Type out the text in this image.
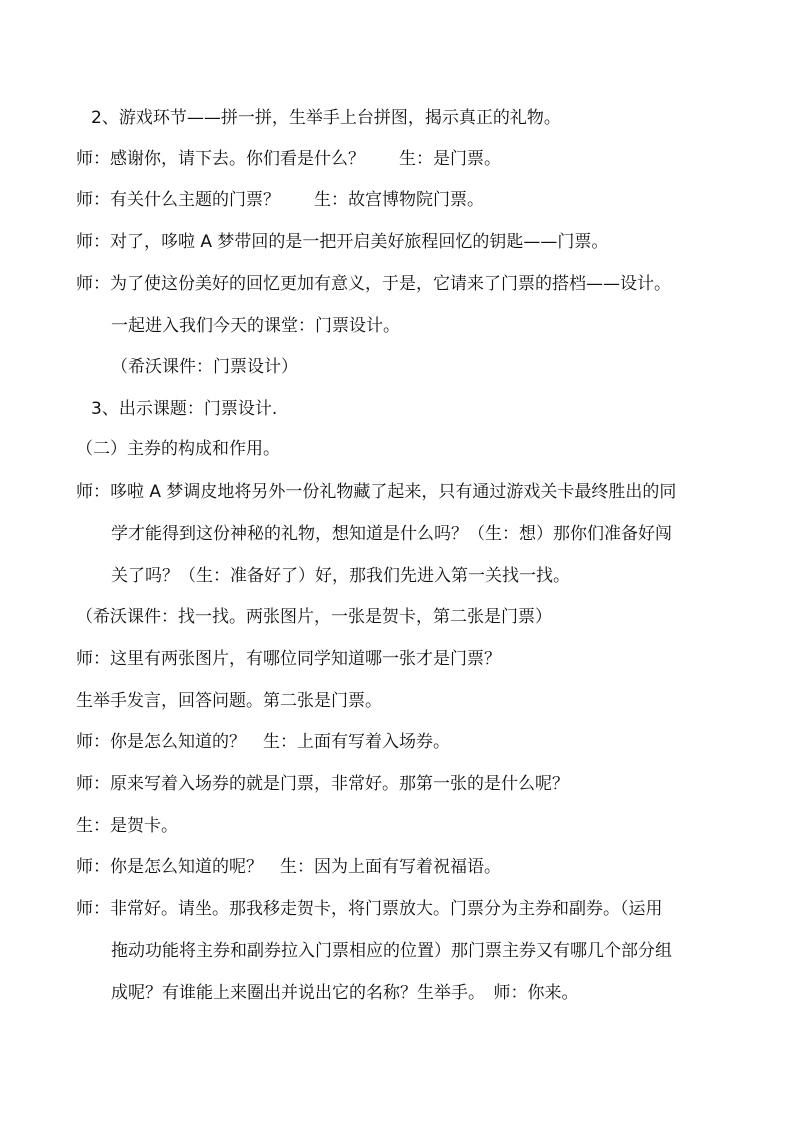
2、游戏环节——拼一拼，生举手上台拼图，揭示真正的礼物。
师：感谢你，请下去。你们看是什么？　　生：是门票。
师：有关什么主题的门票？　　生：故宫博物院门票。
师：对了，哆啦 A 梦带回的是一把开启美好旅程回忆的钥匙——门票。
师：为了使这份美好的回忆更加有意义，于是，它请来了门票的搭档——设计。
一起进入我们今天的课堂：门票设计。
（希沃课件：门票设计）
3、出示课题：门票设计.
（二）主券的构成和作用。
师：哆啦 A 梦调皮地将另外一份礼物藏了起来，只有通过游戏关卡最终胜出的同
学才能得到这份神秘的礼物，想知道是什么吗？（生：想）那你们准备好闯
关了吗？（生：准备好了）好，那我们先进入第一关找一找。
（希沃课件：找一找。两张图片，一张是贺卡，第二张是门票）
师：这里有两张图片，有哪位同学知道哪一张才是门票？
生举手发言，回答问题。第二张是门票。
师：你是怎么知道的？　生：上面有写着入场券。
师：原来写着入场券的就是门票，非常好。那第一张的是什么呢？
生：是贺卡。
师：你是怎么知道的呢？　生：因为上面有写着祝福语。
师：非常好。请坐。那我移走贺卡，将门票放大。门票分为主券和副券。（运用
拖动功能将主券和副券拉入门票相应的位置）那门票主券又有哪几个部分组
成呢？有谁能上来圈出并说出它的名称？生举手。　师：你来。
